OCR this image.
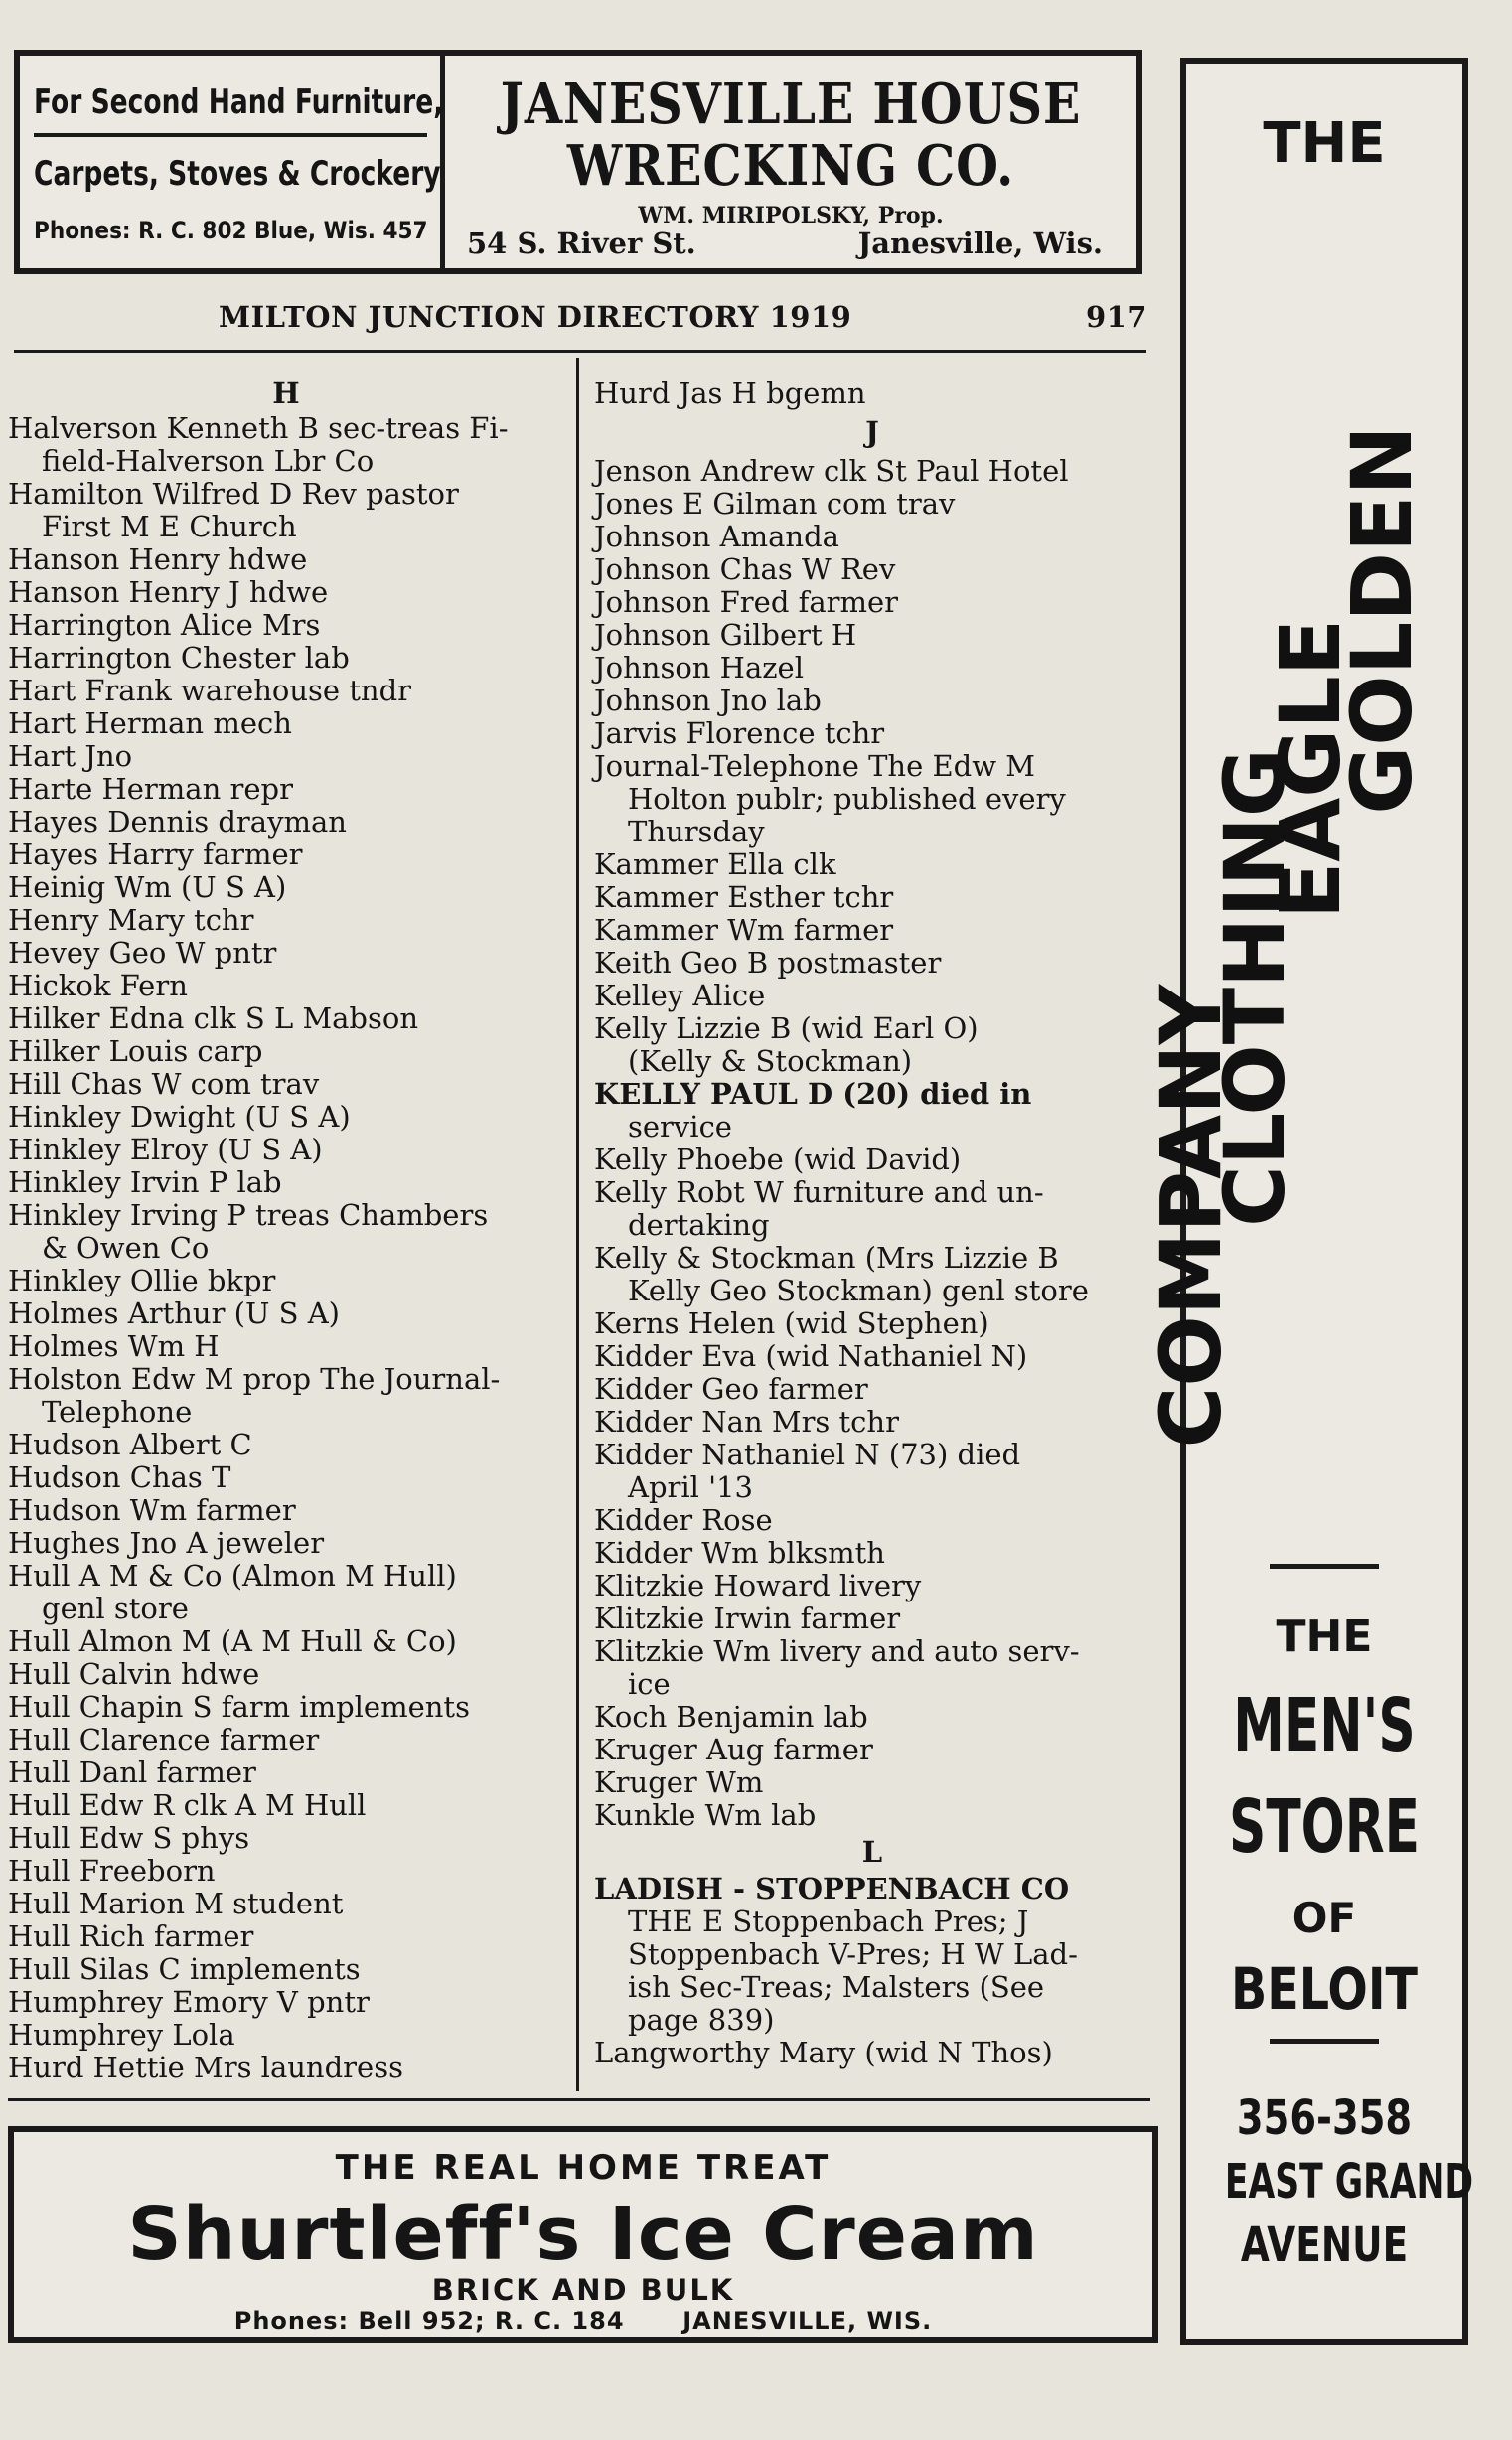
For Second Hand Furniture,
Carpets, Stoves & Crockery
Phones: R. C. 802 Blue, Wis. 457
JANESVILLE HOUSE
WRECKING CO.
WM. MIRIPOLSKY, Prop.
54 S. River St.	Janesville, Wis.
MILTON JUNCTION DIRECTORY 1919	917
H
Halverson Kenneth B sec-treas Fi-
field-Halverson Lbr Co
Hamilton Wilfred D Rev pastor
First M E Church
Hanson Henry hdwe
Hanson Henry J hdwe
Harrington Alice Mrs
Harrington Chester lab
Hart Frank warehouse tndr
Hart Herman mech
Hart Jno
Harte Herman repr
Hayes Dennis drayman
Hayes Harry farmer
Heinig Wm (U S A)
Henry Mary tchr
Hevey Geo W pntr
Hickok Fern
Hilker Edna clk S L Mabson
Hilker Louis carp
Hill Chas W com trav
Hinkley Dwight (U S A)
Hinkley Elroy (U S A)
Hinkley Irvin P lab
Hinkley Irving P treas Chambers
& Owen Co
Hinkley Ollie bkpr
Holmes Arthur (U S A)
Holmes Wm H
Holston Edw M prop The Journal-
Telephone
Hudson Albert C
Hudson Chas T
Hudson Wm farmer
Hughes Jno A jeweler
Hull A M & Co (Almon M Hull)
genl store
Hull Almon M (A M Hull & Co)
Hull Calvin hdwe
Hull Chapin S farm implements
Hull Clarence farmer
Hull Danl farmer
Hull Edw R clk A M Hull
Hull Edw S phys
Hull Freeborn
Hull Marion M student
Hull Rich farmer
Hull Silas C implements
Humphrey Emory V pntr
Humphrey Lola
Hurd Hettie Mrs laundress
Hurd Jas H bgemn
J
Jenson Andrew clk St Paul Hotel
Jones E Gilman com trav
Johnson Amanda
Johnson Chas W Rev
Johnson Fred farmer
Johnson Gilbert H
Johnson Hazel
Johnson Jno lab
Jarvis Florence tchr
Journal-Telephone The Edw M
Holton publr; published every
Thursday
Kammer Ella clk
Kammer Esther tchr
Kammer Wm farmer
Keith Geo B postmaster
Kelley Alice
Kelly Lizzie B (wid Earl O)
(Kelly & Stockman)
KELLY PAUL D (20) died in
service
Kelly Phoebe (wid David)
Kelly Robt W furniture and un-
dertaking
Kelly & Stockman (Mrs Lizzie B
Kelly Geo Stockman) genl store
Kerns Helen (wid Stephen)
Kidder Eva (wid Nathaniel N)
Kidder Geo farmer
Kidder Nan Mrs tchr
Kidder Nathaniel N (73) died
April '13
Kidder Rose
Kidder Wm blksmth
Klitzkie Howard livery
Klitzkie Irwin farmer
Klitzkie Wm livery and auto serv-
ice
Koch Benjamin lab
Kruger Aug farmer
Kruger Wm
Kunkle Wm lab
L
LADISH - STOPPENBACH CO
THE E Stoppenbach Pres; J
Stoppenbach V-Pres; H W Lad-
ish Sec-Treas; Malsters (See
page 839)
Langworthy Mary (wid N Thos)
THE
GOLDEN
EAGLE
CLOTHING
COMPANY
THE
MEN'S
STORE
OF
BELOIT
356-358
EAST GRAND
AVENUE
THE REAL HOME TREAT
Shurtleff's Ice Cream
BRICK AND BULK
Phones: Bell 952; R. C. 184 JANESVILLE, WIS.
